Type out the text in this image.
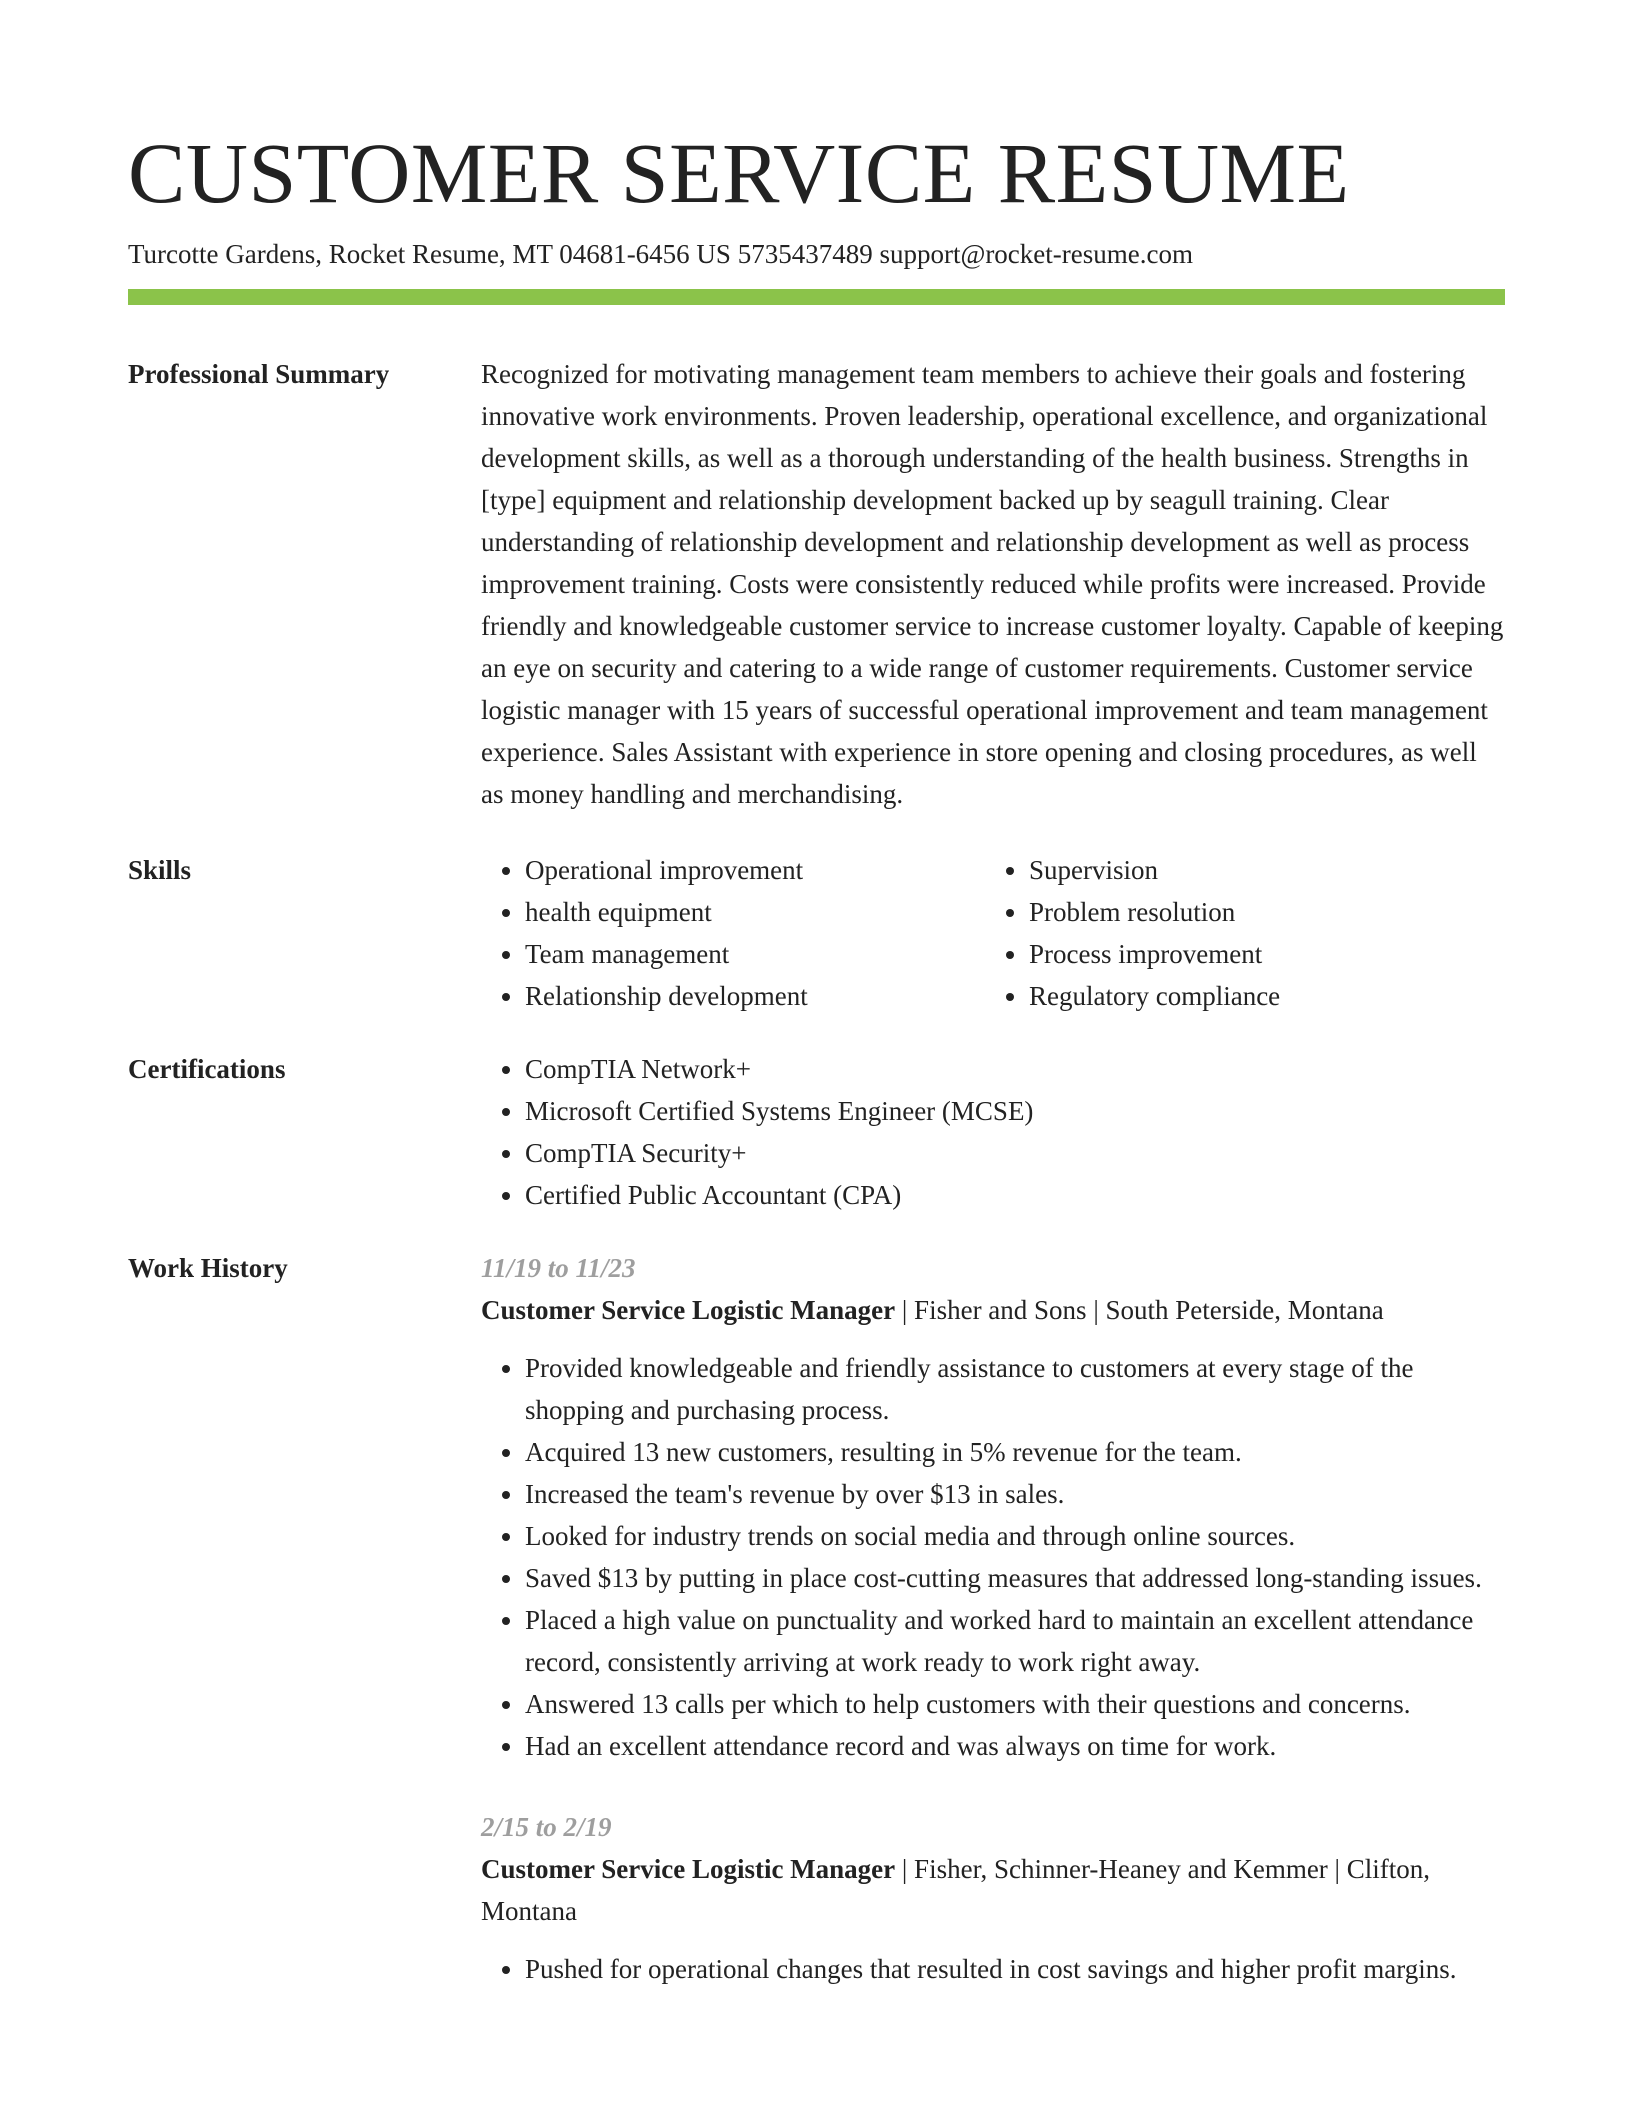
CUSTOMER SERVICE RESUME
Turcotte Gardens, Rocket Resume, MT 04681-6456 US 5735437489 support@rocket-resume.com
Professional Summary	Recognized for motivating management team members to achieve their goals and fostering innovative work environments. Proven leadership, operational excellence, and organizational development skills, as well as a thorough understanding of the health business. Strengths in [type] equipment and relationship development backed up by seagull training. Clear understanding of relationship development and relationship development as well as process improvement training. Costs were consistently reduced while profits were increased. Provide friendly and knowledgeable customer service to increase customer loyalty. Capable of keeping an eye on security and catering to a wide range of customer requirements. Customer service logistic manager with 15 years of successful operational improvement and team management experience. Sales Assistant with experience in store opening and closing procedures, as well as money handling and merchandising.

Skills	• Operational improvement
• health equipment
• Team management
• Relationship development
• Supervision
• Problem resolution
• Process improvement
• Regulatory compliance
Certifications	• CompTIA Network+
• Microsoft Certified Systems Engineer (MCSE)
• CompTIA Security+
• Certified Public Accountant (CPA)
Work History	11/19 to 11/23
Customer Service Logistic Manager | Fisher and Sons | South Peterside, Montana
• Provided knowledgeable and friendly assistance to customers at every stage of the shopping and purchasing process.
• Acquired 13 new customers, resulting in 5% revenue for the team.
• Increased the team's revenue by over $13 in sales.
• Looked for industry trends on social media and through online sources.
• Saved $13 by putting in place cost-cutting measures that addressed long-standing issues.
• Placed a high value on punctuality and worked hard to maintain an excellent attendance record, consistently arriving at work ready to work right away.
• Answered 13 calls per which to help customers with their questions and concerns.
• Had an excellent attendance record and was always on time for work.
2/15 to 2/19
Customer Service Logistic Manager | Fisher, Schinner-Heaney and Kemmer | Clifton, Montana
• Pushed for operational changes that resulted in cost savings and higher profit margins.
